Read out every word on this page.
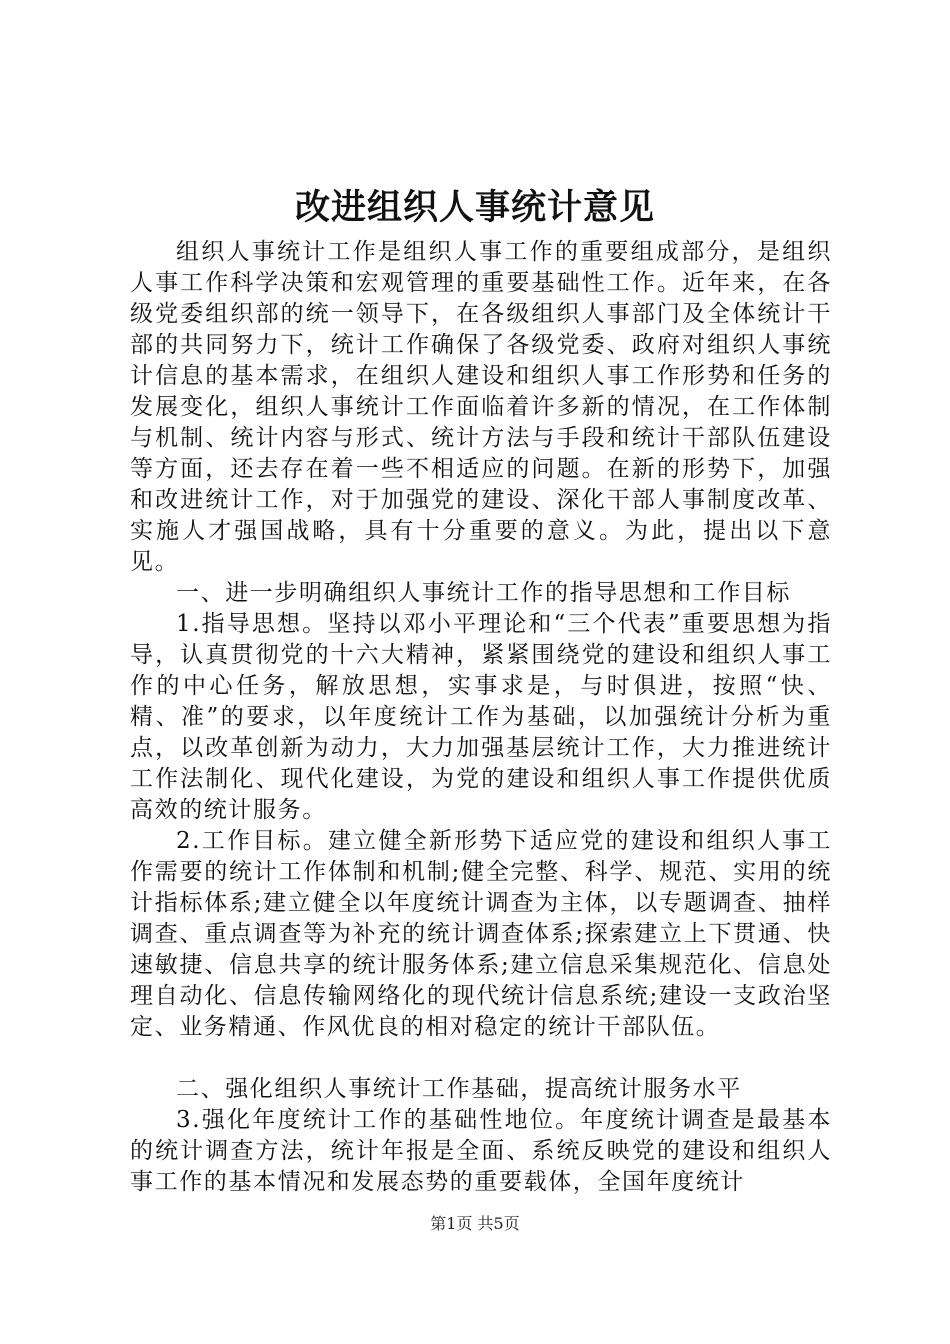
改进组织人事统计意见

组织人事统计工作是组织人事工作的重要组成部分，是组织人事工作科学决策和宏观管理的重要基础性工作。近年来，在各级党委组织部的统一领导下，在各级组织人事部门及全体统计干部的共同努力下，统计工作确保了各级党委、政府对组织人事统计信息的基本需求，在组织人建设和组织人事工作形势和任务的发展变化，组织人事统计工作面临着许多新的情况，在工作体制与机制、统计内容与形式、统计方法与手段和统计干部队伍建设等方面，还去存在着一些不相适应的问题。在新的形势下，加强和改进统计工作，对于加强党的建设、深化干部人事制度改革、实施人才强国战略，具有十分重要的意义。为此，提出以下意见。

一、进一步明确组织人事统计工作的指导思想和工作目标

1.指导思想。坚持以邓小平理论和“三个代表”重要思想为指导，认真贯彻党的十六大精神，紧紧围绕党的建设和组织人事工作的中心任务，解放思想，实事求是，与时俱进，按照“快、精、准”的要求，以年度统计工作为基础，以加强统计分析为重点，以改革创新为动力，大力加强基层统计工作，大力推进统计工作法制化、现代化建设，为党的建设和组织人事工作提供优质高效的统计服务。

2.工作目标。建立健全新形势下适应党的建设和组织人事工作需要的统计工作体制和机制;健全完整、科学、规范、实用的统计指标体系;建立健全以年度统计调查为主体，以专题调查、抽样调查、重点调查等为补充的统计调查体系;探索建立上下贯通、快速敏捷、信息共享的统计服务体系;建立信息采集规范化、信息处理自动化、信息传输网络化的现代统计信息系统;建设一支政治坚定、业务精通、作风优良的相对稳定的统计干部队伍。

二、强化组织人事统计工作基础，提高统计服务水平

3.强化年度统计工作的基础性地位。年度统计调查是最基本的统计调查方法，统计年报是全面、系统反映党的建设和组织人事工作的基本情况和发展态势的重要载体，全国年度统计

第1页 共5页
